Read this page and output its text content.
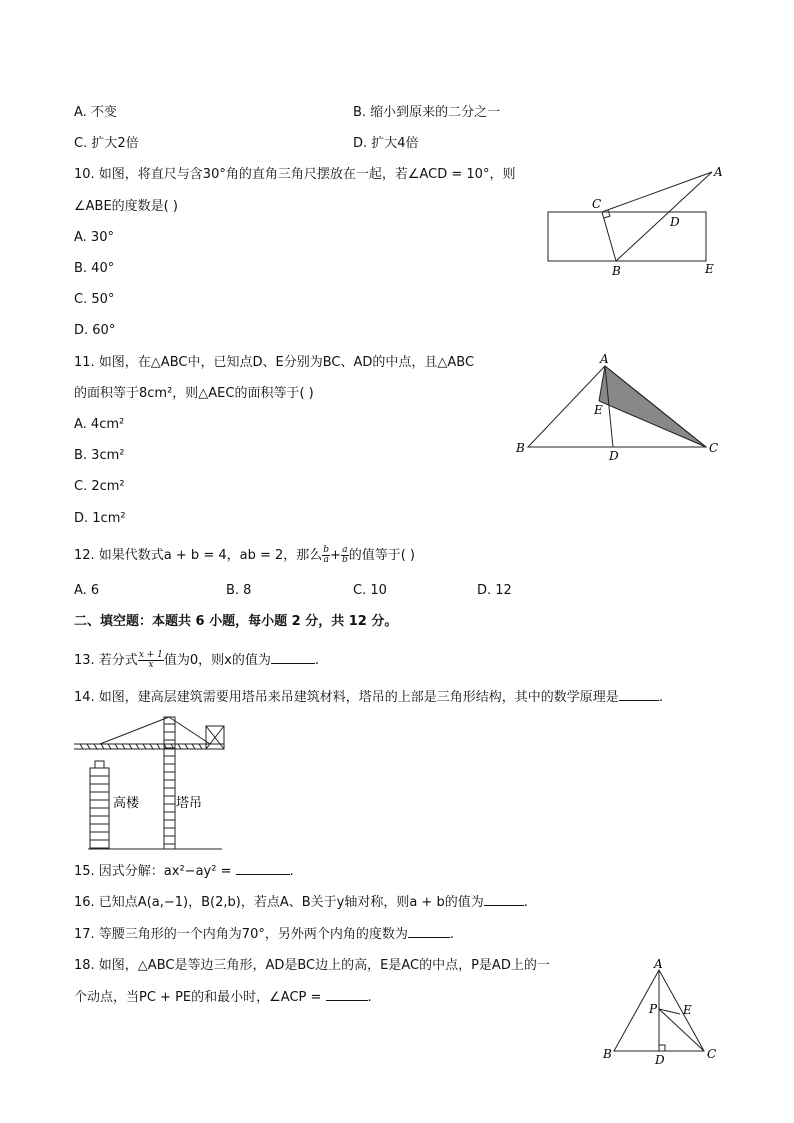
A. 不变	B. 缩小到原来的二分之一
C. 扩大2倍	D. 扩大4倍
10. 如图，将直尺与含30°角的直角三角尺摆放在一起，若∠ACD = 10°，则
∠ABE的度数是( )
A. 30°
B. 40°
C. 50°
D. 60°
A
C
D
B	E
11. 如图，在△ABC中，已知点D、E分别为BC、AD的中点，且△ABC
的面积等于8cm²，则△AEC的面积等于( )
A. 4cm²
B. 3cm²
C. 2cm²
D. 1cm²
A
B	C
D
E
12. 如果代数式a + b = 4，ab = 2，那么 $\frac{b}{a} + \frac{a}{b}$ 的值等于( )
A. 6	B. 8	C. 10	D. 12
二、填空题：本题共 6 小题，每小题 2 分，共 12 分。
13. 若分式 $\frac{x + 1}{x}$ 值为0，则x的值为	.
14. 如图，建高层建筑需要用塔吊来吊建筑材料，塔吊的上部是三角形结构，其中的数学原理是	.
高楼	塔吊
15. 因式分解：ax²−ay² =	.
16. 已知点A(a,−1)，B(2,b)，若点A、B关于y轴对称，则a + b的值为	.
17. 等腰三角形的一个内角为70°，另外两个内角的度数为	.
18. 如图，△ABC是等边三角形，AD是BC边上的高，E是AC的中点，P是AD上的一
个动点，当PC + PE的和最小时，∠ACP =	.
A
B	C
D
E
P
